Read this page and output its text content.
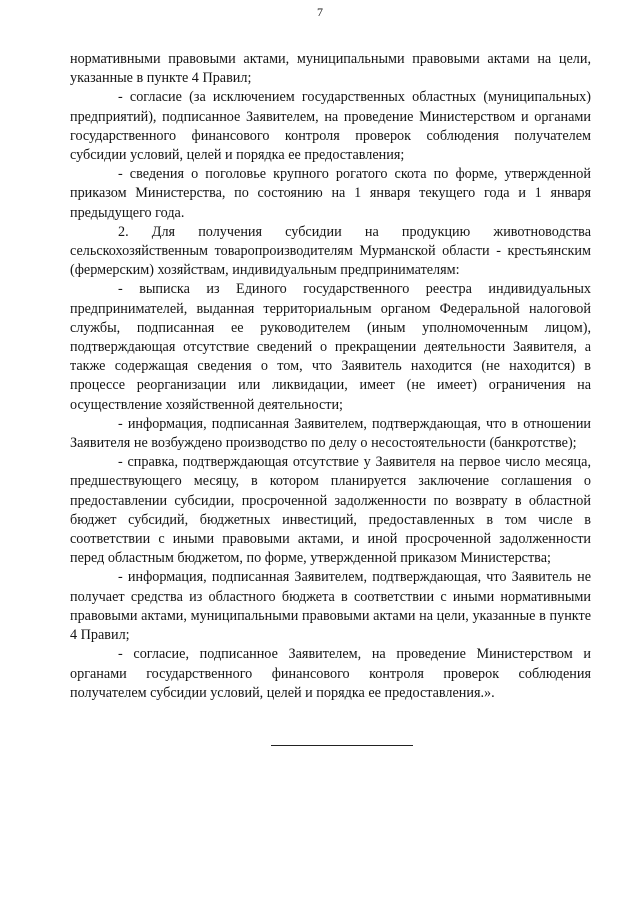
7

нормативными правовыми актами, муниципальными правовыми актами на цели, указанные в пункте 4 Правил;

- согласие (за исключением государственных областных (муниципальных) предприятий), подписанное Заявителем, на проведение Министерством и органами государственного финансового контроля проверок соблюдения получателем субсидии условий, целей и порядка ее предоставления;

- сведения о поголовье крупного рогатого скота по форме, утвержденной приказом Министерства, по состоянию на 1 января текущего года и 1 января предыдущего года.

2. Для получения субсидии на продукцию животноводства сельскохозяйственным товаропроизводителям Мурманской области - крестьянским (фермерским) хозяйствам, индивидуальным предпринимателям:

- выписка из Единого государственного реестра индивидуальных предпринимателей, выданная территориальным органом Федеральной налоговой службы, подписанная ее руководителем (иным уполномоченным лицом), подтверждающая отсутствие сведений о прекращении деятельности Заявителя, а также содержащая сведения о том, что Заявитель находится (не находится) в процессе реорганизации или ликвидации, имеет (не имеет) ограничения на осуществление хозяйственной деятельности;

- информация, подписанная Заявителем, подтверждающая, что в отношении Заявителя не возбуждено производство по делу о несостоятельности (банкротстве);

- справка, подтверждающая отсутствие у Заявителя на первое число месяца, предшествующего месяцу, в котором планируется заключение соглашения о предоставлении субсидии, просроченной задолженности по возврату в областной бюджет субсидий, бюджетных инвестиций, предоставленных в том числе в соответствии с иными правовыми актами, и иной просроченной задолженности перед областным бюджетом, по форме, утвержденной приказом Министерства;

- информация, подписанная Заявителем, подтверждающая, что Заявитель не получает средства из областного бюджета в соответствии с иными нормативными правовыми актами, муниципальными правовыми актами на цели, указанные в пункте 4 Правил;

- согласие, подписанное Заявителем, на проведение Министерством и органами государственного финансового контроля проверок соблюдения получателем субсидии условий, целей и порядка ее предоставления.».
